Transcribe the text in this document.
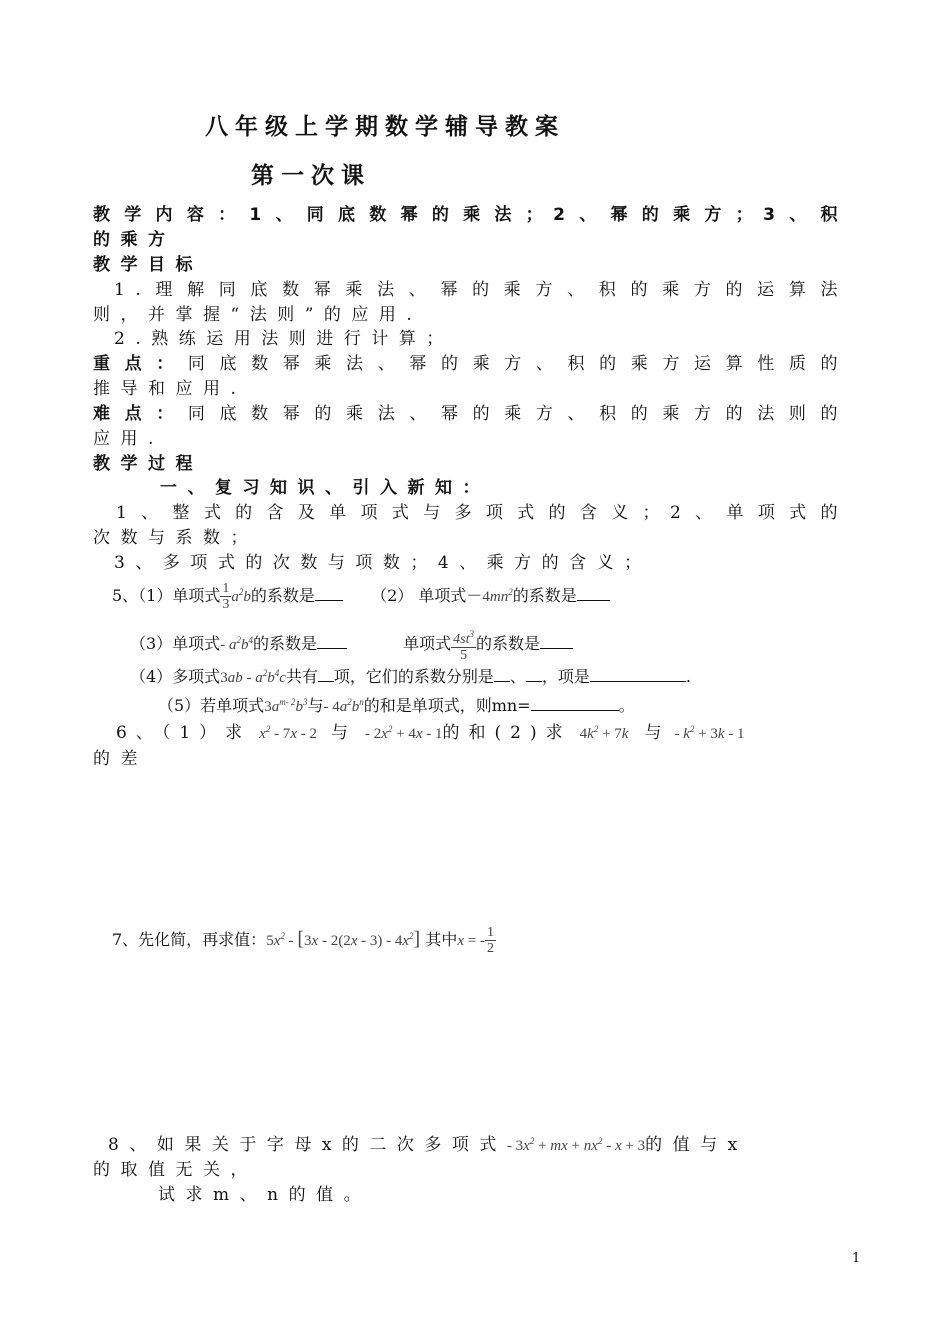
八年级上学期数学辅导教案
第一次课
教学内容：1、同底数幂的乘法；2、幂的乘方；3、积
的乘方
教学目标
1.理解同底数幂乘法、幂的乘方、积的乘方的运算法
则，并掌握“法则”的应用.
2.熟练运用法则进行计算；
重点：同底数幂乘法、幂的乘方、积的乘方运算性质的
推导和应用.
难点：同底数幂的乘法、幂的乘方、积的乘方的法则的
应用.
教学过程
一、复习知识、引入新知：
1、整式的含及单项式与多项式的含义；2、单项式的
次数与系数；
3、多项式的次数与项数；4、乘方的含义；
5、（1）单项式 $\frac{1}{3} a^2b$的系数是	（2） 单项式$-4mn^2$的系数是
（3）单项式- $a^2b^4$的系数是	单项式 $\frac{4st^3}{5}$ 的系数是
（4）多项式$3ab - a^2b^4c$共有 项，它们的系数分别是 、 ，项是	.
（5）若单项式$3a^{m- 2}b^3$与- $4a^2b^n$的和是单项式，则mn=	。
6、（1）求 $x^2 - 7x - 2$ 与 - $2x^2 + 4x - 1$的和(2)求 $4k^2 + 7k$ 与 - $k^2 + 3k - 1$
的差
7、先化简，再求值：$5x^2 - [3x - 2(2x - 3) - 4x^2]$ 其中x = - $\frac{1}{2}$
8、如果关于字母x的二次多项式- $3x^2$ + mx + $nx^2 - x + 3$的值与x
的取值无关，
试求m、n的值。
1
